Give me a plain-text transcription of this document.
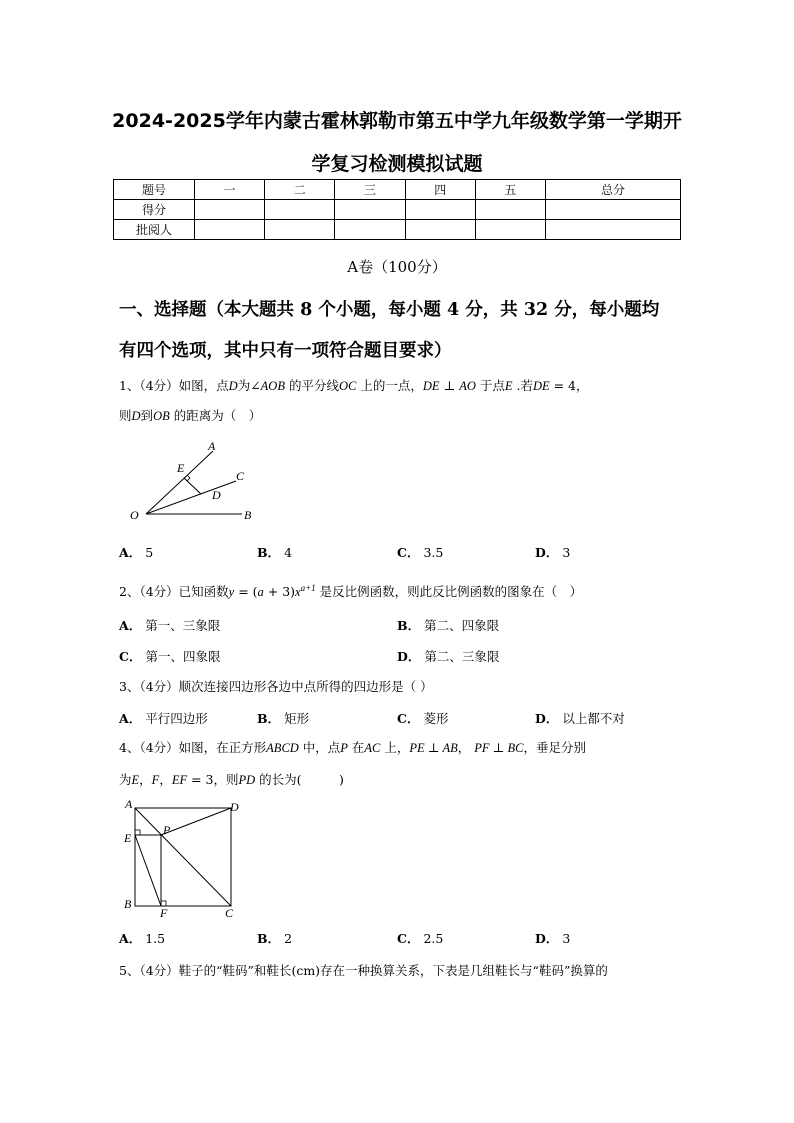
2024-2025学年内蒙古霍林郭勒市第五中学九年级数学第一学期开
学复习检测模拟试题
题号	一	二	三	四	五	总分
得分						
批阅人						
A卷（100分）
一、选择题（本大题共 8 个小题，每小题 4 分，共 32 分，每小题均
有四个选项，其中只有一项符合题目要求）
1、（4分）如图，点D为∠AOB 的平分线OC 上的一点，DE ⊥ AO 于点E .若DE = 4，
则D到OB 的距离为（　）
A
E
C
D
O	B
A． 5	B． 4	C． 3.5	D． 3
2、（4分）已知函数$y = (a + 3)x^{a+1}$ 是反比例函数，则此反比例函数的图象在（　）
A． 第一、三象限	B． 第二、四象限
C． 第一、四象限	D． 第二、三象限
3、（4分）顺次连接四边形各边中点所得的四边形是（ ）
A． 平行四边形	B． 矩形	C． 菱形	D． 以上都不对
4、（4分）如图，在正方形ABCD 中，点P 在AC 上，PE ⊥ AB， PF ⊥ BC，垂足分别
为E，F，EF = 3，则PD 的长为(　　　)
A	D
E
P
B
F	C
A． 1.5	B． 2	C． 2.5	D． 3
5、（4分）鞋子的“鞋码”和鞋长(cm)存在一种换算关系，下表是几组鞋长与“鞋码”换算的
